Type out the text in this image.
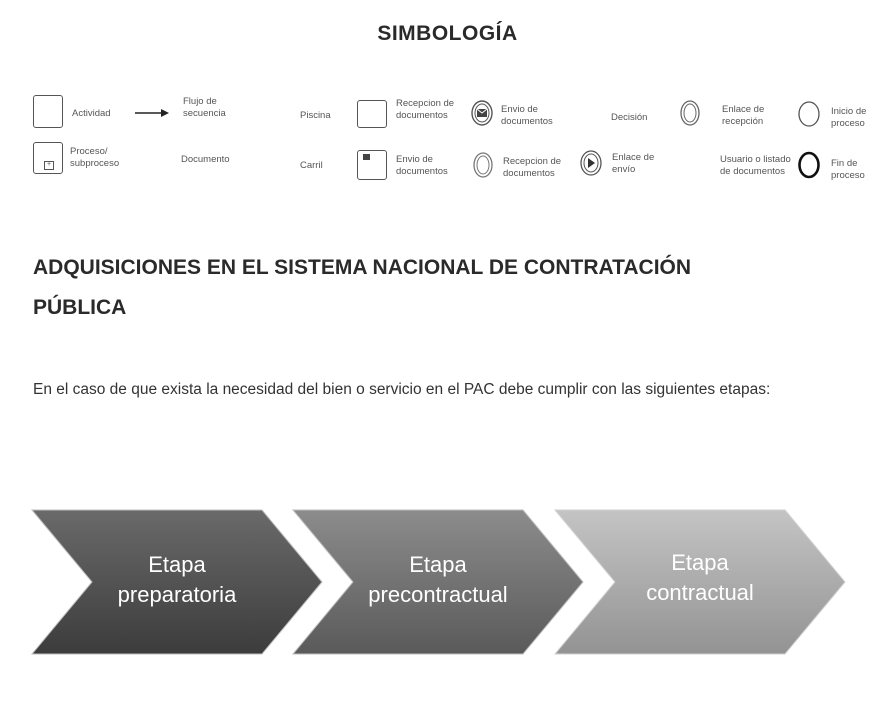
SIMBOLOGÍA
Actividad
Flujo de
secuencia	Piscina
Recepcion de
documentos
Envio de
documentos	Decisión
Enlace de
recepción
Inicio de
proceso
+
Proceso/
subproceso	Documento
Carril
Envio de
documentos
Recepcion de
documentos
Enlace de
envío
Usuario o listado
de documentos
Fin de
proceso
ADQUISICIONES EN EL SISTEMA NACIONAL DE CONTRATACIÓN
PÚBLICA
En el caso de que exista la necesidad del bien o servicio en el PAC debe cumplir con las siguientes etapas:
Etapa
preparatoria
Etapa
precontractual
Etapa
contractual
